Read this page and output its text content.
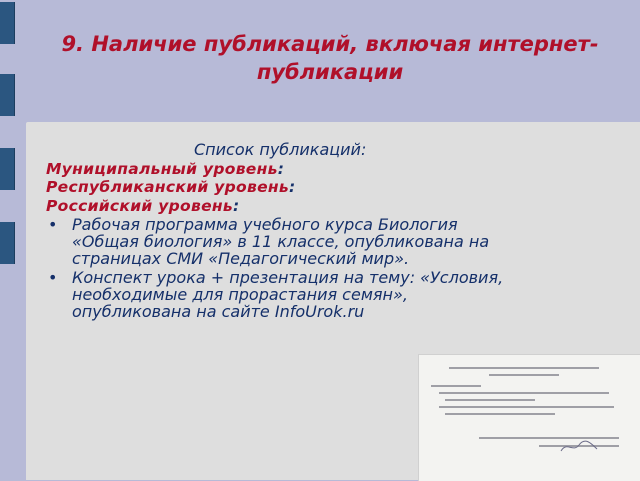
9. Наличие публикаций, включая интернет-публикации
Список публикаций:
Муниципальный уровень:
Республиканский уровень:
Российский уровень:
• Рабочая программа учебного курса Биология «Общая биология» в 11 классе, опубликована на страницах СМИ «Педагогический мир».
• Конспект урока + презентация на тему: «Условия, необходимые для прорастания семян», опубликована на сайте InfoUrok.ru
